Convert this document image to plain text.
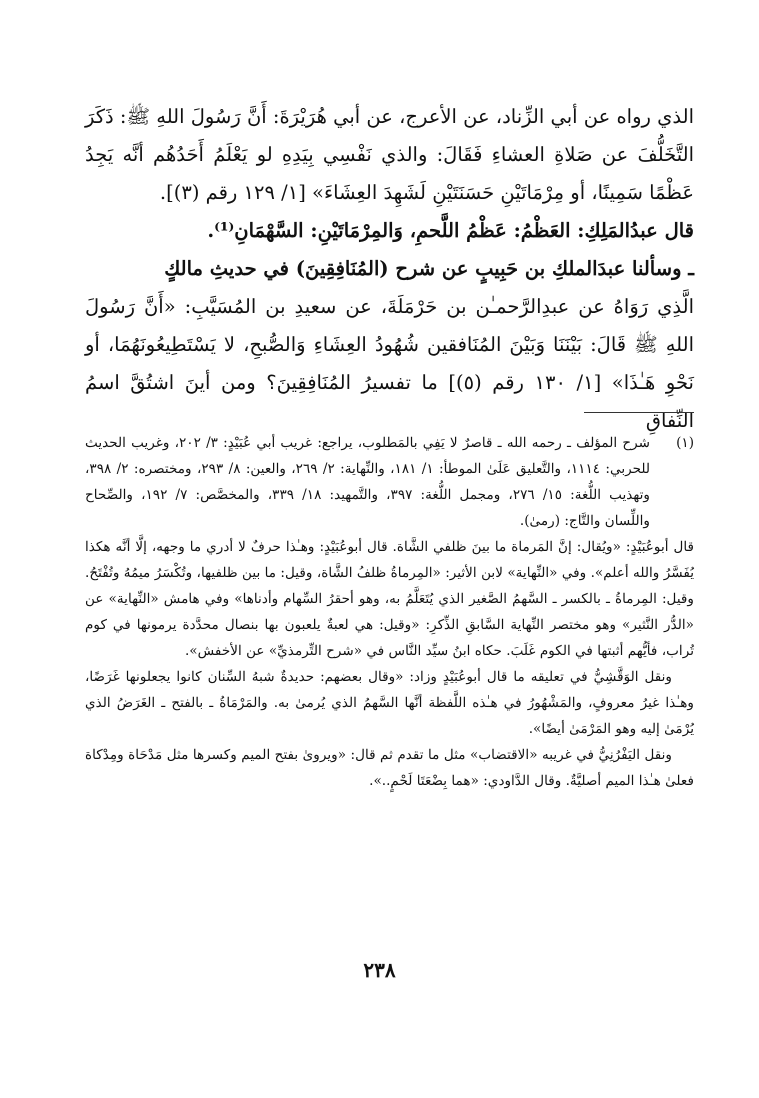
الذي رواه عن أبي الزِّناد، عن الأعرج، عن أبي هُرَيْرَةَ: أَنَّ رَسُولَ اللهِ ﷺ: ذَكَرَ التَّخَلُّفَ عن صَلاةِ العشاءِ فَقَالَ: والذي نَفْسِي بِيَدِهِ لو يَعْلَمُ أَحَدُهُم أنَّه يَجِدُ عَظْمًا سَمِينًا، أو مِرْمَاتَيْنِ حَسَنَتَيْنِ لَشَهِدَ العِشَاءَ» [١/ ١٢٩ رقم (٣)].

قال عبدُالمَلِكِ: العَظْمُ: عَظْمُ اللَّحمِ، وَالمِرْمَاتَيْنِ: السَّهْمَانِ⁽¹⁾.

ـ وسألنا عبدَالملكِ بن حَبِيبٍ عن شرح (المُنَافِقِينَ) في حديثِ مالكٍ

الَّذِي رَوَاهُ عن عبدِالرَّحمـٰن بن حَرْمَلَةَ، عن سعيدِ بن المُسَيَّبِ: «أَنَّ رَسُولَ اللهِ ﷺ قَالَ: بَيْنَنَا وَبَيْنَ المُنَافقين شُهُودُ العِشَاءِ وَالصُّبحِ، لا يَسْتَطِيعُونَهُمَا، أو نَحْوِ هَـٰذَا» [١/ ١٣٠ رقم (٥)] ما تفسيرُ المُنَافِقِينَ؟ ومن أينَ اشتُقَّ اسمُ النِّفاقِ

(١)
شرح المؤلف ـ رحمه الله ـ قاصرٌ لا يَفِي بالمَطلوب، يراجع: غريب أبي عُبَيْدٍ: ٣/ ٢٠٢، وغريب الحديث للحربي: ١١١٤، والتَّعليق عَلَىٰ الموطأ: ١/ ١٨١، والنِّهاية: ٢/ ٢٦٩، والعين: ٨/ ٢٩٣، ومختصره: ٢/ ٣٩٨، وتهذيب اللُّغة: ١٥/ ٢٧٦، ومجمل اللُّغة: ٣٩٧، والتَّمهيد: ١٨/ ٣٣٩، والمخصَّص: ٧/ ١٩٢، والصِّحاح واللِّسان والتَّاج: (رمىٰ).

قال أبوعُبَيْدٍ: «ويُقال: إنَّ المَرماة ما بينَ ظلفي الشَّاة. قال أبوعُبَيْدٍ: وهـٰذا حرفٌ لا أدري ما وجهه، إلَّا أنَّه هكذا يُفَسَّرُ والله أعلم». وفي «النِّهاية» لابن الأثير: «المِرماةُ ظلفُ الشَّاة، وقيل: ما بين ظلفيها، وتُكْسَرُ ميمُهُ وتُفْتَحُ. وقيل: المِرماةُ ـ بالكسر ـ السَّهمُ الصَّغير الذي يُتَعَلَّمُ به، وهو أحقرُ السِّهام وأدناها» وفي هامش «النِّهاية» عن «الدُّر النَّثير» وهو مختصر النِّهاية السَّابقِ الذِّكرِ: «وقيل: هي لعبةٌ يلعبون بها بنصال محدَّدة يرمونها في كوم تُراب، فأيُّهم أثبتها في الكوم غَلَبَ. حكاه ابنُ سيِّد النَّاس في «شرح التِّرمذيِّ» عن الأخفش».

ونقل الوَقَّشِيُّ في تعليقه ما قال أبوعُبَيْدٍ وزاد: «وقال بعضهم: حديدةٌ شبهُ السِّنان كانوا يجعلونها غَرَضًا، وهـٰذا غيرُ معروفٍ، والمَشْهُورُ في هـٰذه اللَّفظة أنَّها السَّهمُ الذي يُرمىٰ به. والمَرْمَاةُ ـ بالفتح ـ الغَرَضُ الذي يُرْمَىٰ إليه وهو المَرْمَىٰ أيضًا».

ونقل اليَفْرُنِيُّ في غريبه «الاقتضاب» مثل ما تقدم ثم قال: «ويروىٰ بفتح الميم وكسرها مثل مَدْحَاة ومِدْكاة فعلىٰ هـٰذا الميم أصليَّةٌ. وقال الدَّاودي: «هما بِضْعَتَا لَحْمٍ..».

٢٣٨
